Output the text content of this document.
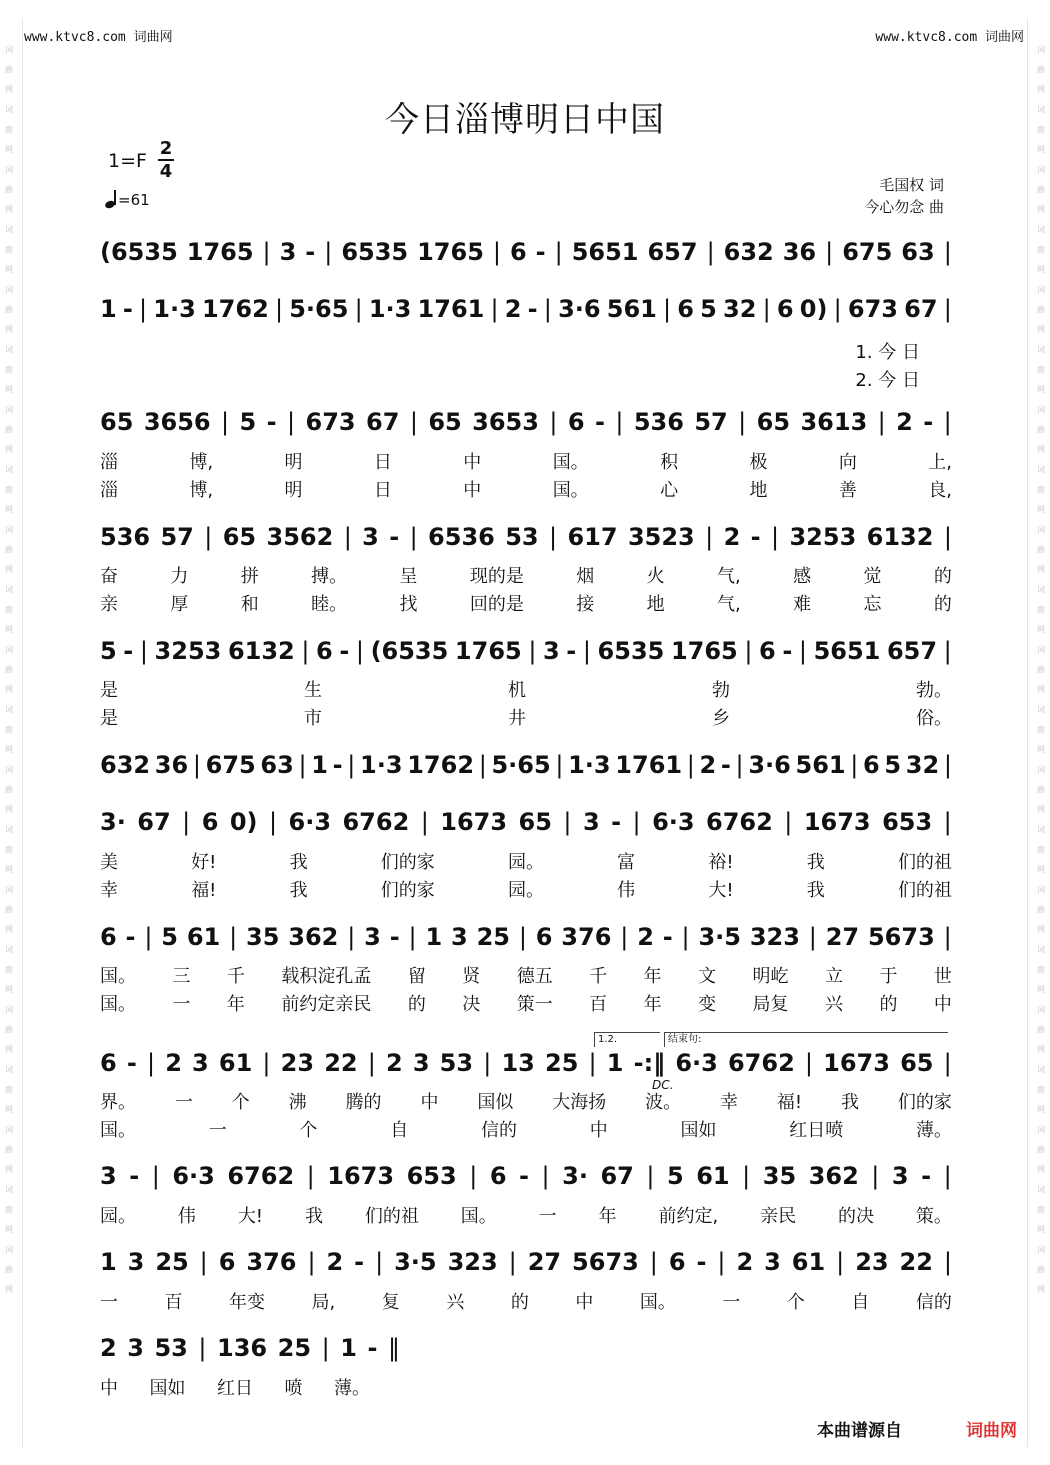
词曲网词曲网词曲网词曲网词曲网词曲网词曲网词曲网词曲网词曲网词曲网词曲网词曲网词曲网词曲网词曲网词曲网词曲网词曲网词曲网词曲网
词曲网词曲网词曲网词曲网词曲网词曲网词曲网词曲网词曲网词曲网词曲网词曲网词曲网词曲网词曲网词曲网词曲网词曲网词曲网词曲网词曲网
www.ktvc8.com 词曲网	www.ktvc8.com 词曲网
今日淄博明日中国
1=F
2
4
=61
毛国权 词
今心勿念 曲
(6535 1765 | 3 - | 6535 1765 | 6 - | 5651 657 | 632 36 | 675 63 |
1 - | 1·3 1762 | 5·65 | 1·3 1761 | 2 - | 3·6 561 | 6 5 32 | 6 0) | 673 67 |
1. 今 日
2. 今 日
65 3656 | 5 - | 673 67 | 65 3653 | 6 - | 536 57 | 65 3613 | 2 - |
淄	博,	明	日	中	国。	积	极	向	上,
淄	博,	明	日	中	国。	心	地	善	良,
536 57 | 65 3562 | 3 - | 6536 53 | 617 3523 | 2 - | 3253 6132 |
奋	力	拼	搏。	呈	现的是	烟	火	气,	感	觉	的
亲	厚	和	睦。	找	回的是	接	地	气,	难	忘	的
5 - | 3253 6132 | 6 - | (6535 1765 | 3 - | 6535 1765 | 6 - | 5651 657 |
是	生	机	勃	勃。
是	市	井	乡	俗。
632 36 | 675 63 | 1 - | 1·3 1762 | 5·65 | 1·3 1761 | 2 - | 3·6 561 | 6 5 32 |
3· 67 | 6 0) | 6·3 6762 | 1673 65 | 3 - | 6·3 6762 | 1673 653 |
美	好!	我	们的家	园。	富	裕!	我	们的祖
幸	福!	我	们的家	园。	伟	大!	我	们的祖
6 - | 5 61 | 35 362 | 3 - | 1 3 25 | 6 376 | 2 - | 3·5 323 | 27 5673 |
国。 三 千 载积淀孔孟 留 贤 德五 千 年 文 明屹 立 于 世
国。 一 年 前约定亲民 的 决 策一 百 年 变 局复 兴 的 中
1.2.	结束句:
6 - | 2 3 61 | 23 22 | 2 3 53 | 13 25 | 1 -:‖ 6·3 6762 | 1673 65 |
DC.
界。 一 个 沸 腾的 中 国似 大海扬 波。 幸 福! 我 们的家
国。	一	个	自	信的	中	国如	红日喷	薄。
3 - | 6·3 6762 | 1673 653 | 6 - | 3· 67 | 5 61 | 35 362 | 3 - |
园。 伟 大! 我 们的祖 国。 一 年 前约定, 亲民 的决 策。
1 3 25 | 6 376 | 2 - | 3·5 323 | 27 5673 | 6 - | 2 3 61 | 23 22 |
一	百	年变	局,	复	兴	的	中	国。	一	个	自	信的
2 3 53 | 136 25 | 1 - ‖
中 国如 红日 喷 薄。
本曲谱源自	词曲网
